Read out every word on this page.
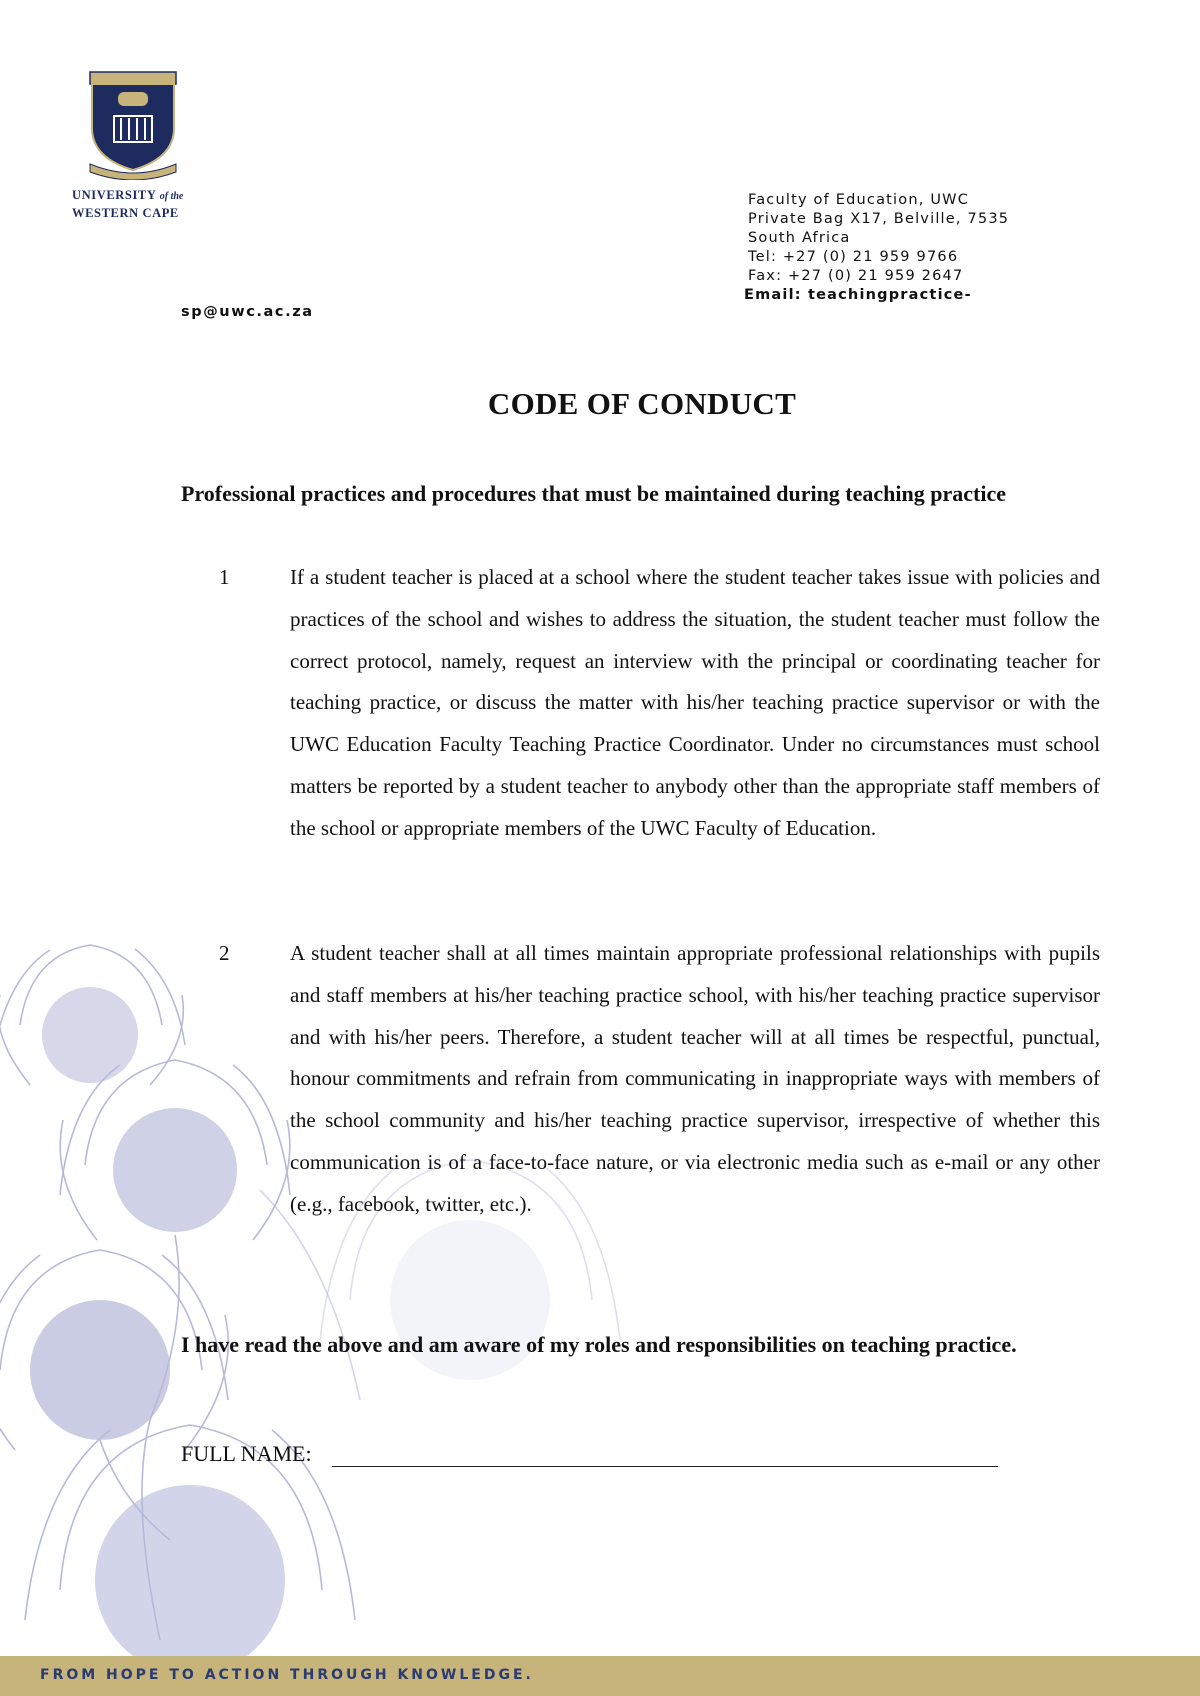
UNIVERSITY of the
WESTERN CAPE
Faculty of Education, UWC
Private Bag X17, Belville, 7535
South Africa
Tel: +27 (0) 21 959 9766
Fax: +27 (0) 21 959 2647
Email: teachingpractice-
sp@uwc.ac.za
CODE OF CONDUCT
Professional practices and procedures that must be maintained during teaching practice
1	If a student teacher is placed at a school where the student teacher takes issue with policies and practices of the school and wishes to address the situation, the student teacher must follow the correct protocol, namely, request an interview with the principal or coordinating teacher for teaching practice, or discuss the matter with his/her teaching practice supervisor or with the UWC Education Faculty Teaching Practice Coordinator. Under no circumstances must school matters be reported by a student teacher to anybody other than the appropriate staff members of the school or appropriate members of the UWC Faculty of Education.
2	A student teacher shall at all times maintain appropriate professional relationships with pupils and staff members at his/her teaching practice school, with his/her teaching practice supervisor and with his/her peers. Therefore, a student teacher will at all times be respectful, punctual, honour commitments and refrain from communicating in inappropriate ways with members of the school community and his/her teaching practice supervisor, irrespective of whether this communication is of a face-to-face nature, or via electronic media such as e-mail or any other (e.g., facebook, twitter, etc.).
I have read the above and am aware of my roles and responsibilities on teaching practice.
FULL NAME:
FROM HOPE TO ACTION THROUGH KNOWLEDGE.
